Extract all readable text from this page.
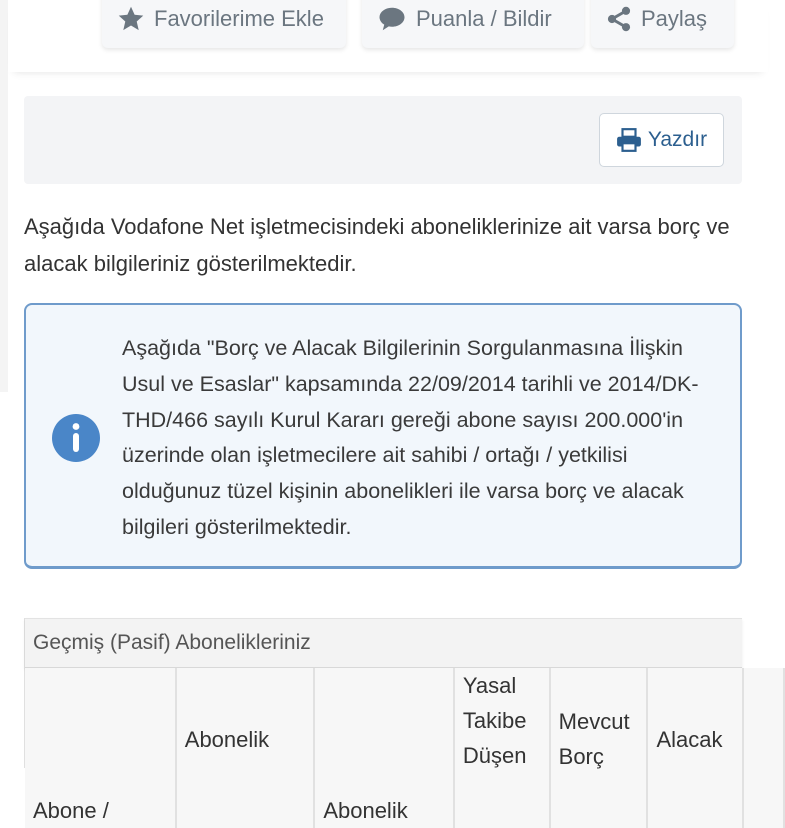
Favorilerime Ekle	Puanla / Bildir	Paylaş
Yazdır

Aşağıda Vodafone Net işletmecisindeki aboneliklerinize ait varsa borç ve alacak bilgileriniz gösterilmektedir.

Aşağıda "Borç ve Alacak Bilgilerinin Sorgulanmasına İlişkin Usul ve Esaslar" kapsamında 22/09/2014 tarihli ve 2014/DK-THD/466 sayılı Kurul Kararı gereği abone sayısı 200.000'in üzerinde olan işletmecilere ait sahibi / ortağı / yetkilisi olduğunuz tüzel kişinin abonelikleri ile varsa borç ve alacak bilgileri gösterilmektedir.

Geçmiş (Pasif) Abonelikleriniz
Abone /	Abonelik	Abonelik	Yasal Takibe Düşen	Mevcut Borç	Alacak	
